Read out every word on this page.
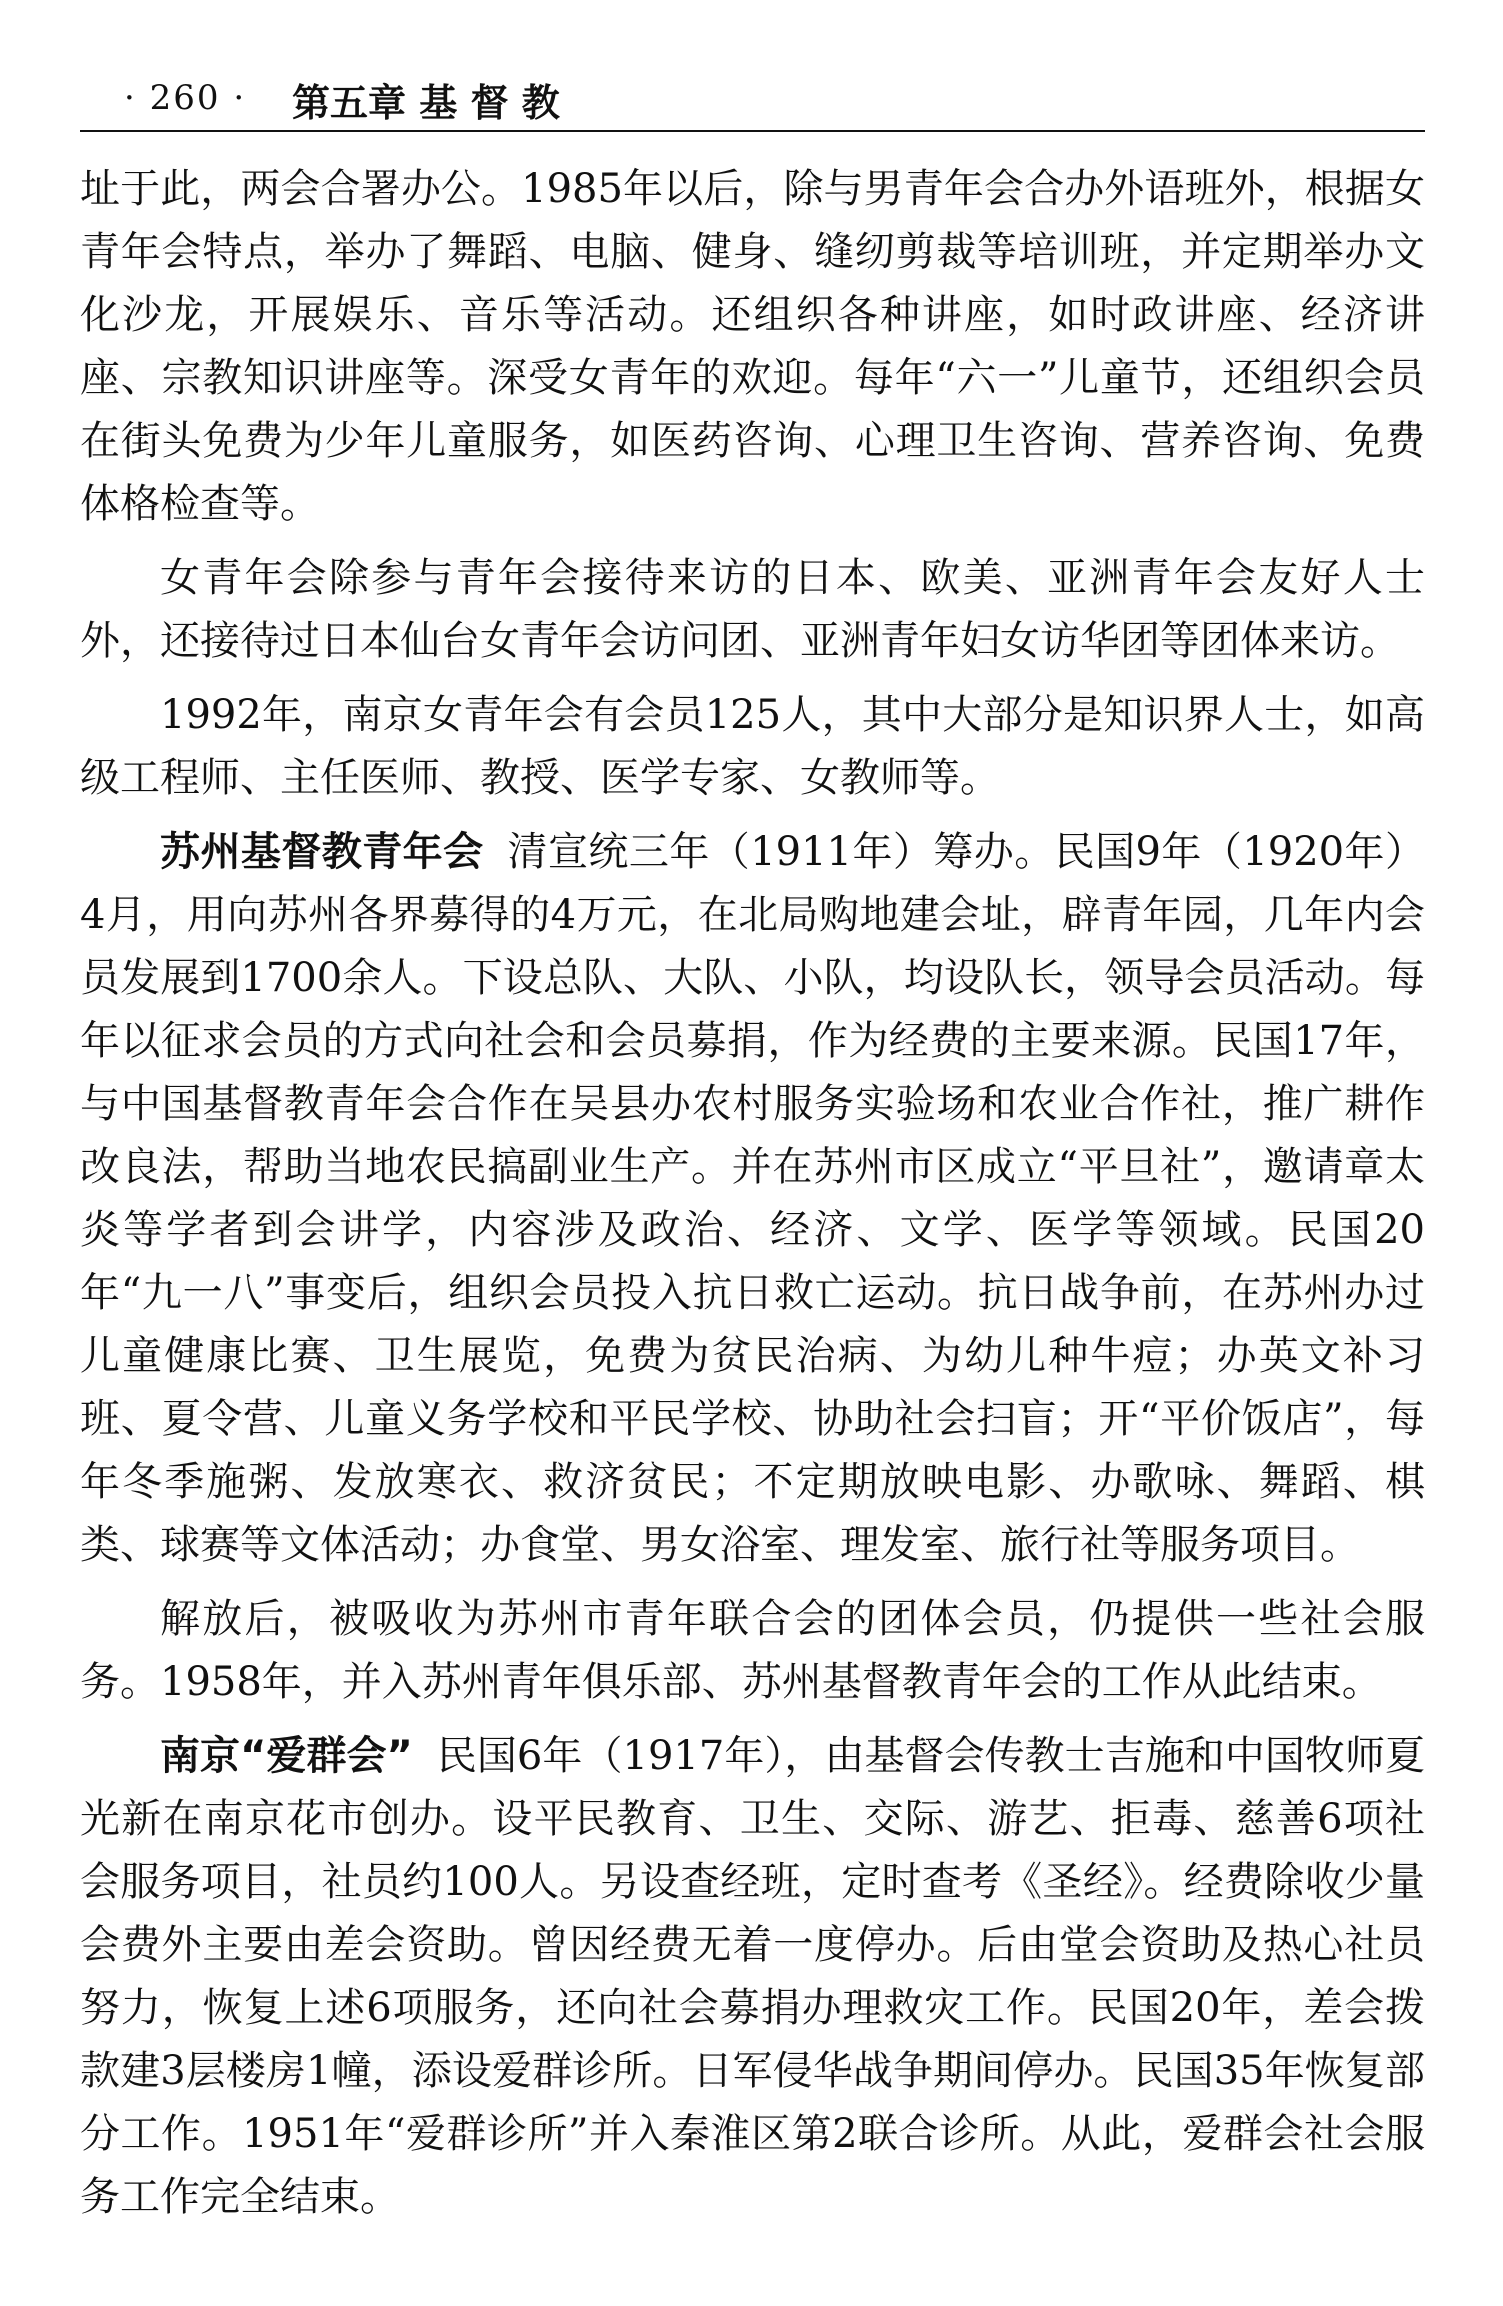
· 260 · 第五章 基 督 教

址于此，两会合署办公。1985年以后，除与男青年会合办外语班外，根据女青年会特点，举办了舞蹈、电脑、健身、缝纫剪裁等培训班，并定期举办文化沙龙，开展娱乐、音乐等活动。还组织各种讲座，如时政讲座、经济讲座、宗教知识讲座等。深受女青年的欢迎。每年“六一”儿童节，还组织会员在街头免费为少年儿童服务，如医药咨询、心理卫生咨询、营养咨询、免费体格检查等。

女青年会除参与青年会接待来访的日本、欧美、亚洲青年会友好人士外，还接待过日本仙台女青年会访问团、亚洲青年妇女访华团等团体来访。

1992年，南京女青年会有会员125人，其中大部分是知识界人士，如高级工程师、主任医师、教授、医学专家、女教师等。

苏州基督教青年会 清宣统三年（1911年）筹办。民国9年（1920年）4月，用向苏州各界募得的4万元，在北局购地建会址，辟青年园，几年内会员发展到1700余人。下设总队、大队、小队，均设队长，领导会员活动。每年以征求会员的方式向社会和会员募捐，作为经费的主要来源。民国17年，与中国基督教青年会合作在吴县办农村服务实验场和农业合作社，推广耕作改良法，帮助当地农民搞副业生产。并在苏州市区成立“平旦社”，邀请章太炎等学者到会讲学，内容涉及政治、经济、文学、医学等领域。民国20年“九一八”事变后，组织会员投入抗日救亡运动。抗日战争前，在苏州办过儿童健康比赛、卫生展览，免费为贫民治病、为幼儿种牛痘；办英文补习班、夏令营、儿童义务学校和平民学校、协助社会扫盲；开“平价饭店”，每年冬季施粥、发放寒衣、救济贫民；不定期放映电影、办歌咏、舞蹈、棋类、球赛等文体活动；办食堂、男女浴室、理发室、旅行社等服务项目。

解放后，被吸收为苏州市青年联合会的团体会员，仍提供一些社会服务。1958年，并入苏州青年俱乐部、苏州基督教青年会的工作从此结束。

南京“爱群会” 民国6年（1917年），由基督会传教士吉施和中国牧师夏光新在南京花市创办。设平民教育、卫生、交际、游艺、拒毒、慈善6项社会服务项目，社员约100人。另设查经班，定时查考《圣经》。经费除收少量会费外主要由差会资助。曾因经费无着一度停办。后由堂会资助及热心社员努力，恢复上述6项服务，还向社会募捐办理救灾工作。民国20年，差会拨款建3层楼房1幢，添设爱群诊所。日军侵华战争期间停办。民国35年恢复部分工作。1951年“爱群诊所”并入秦淮区第2联合诊所。从此，爱群会社会服务工作完全结束。
